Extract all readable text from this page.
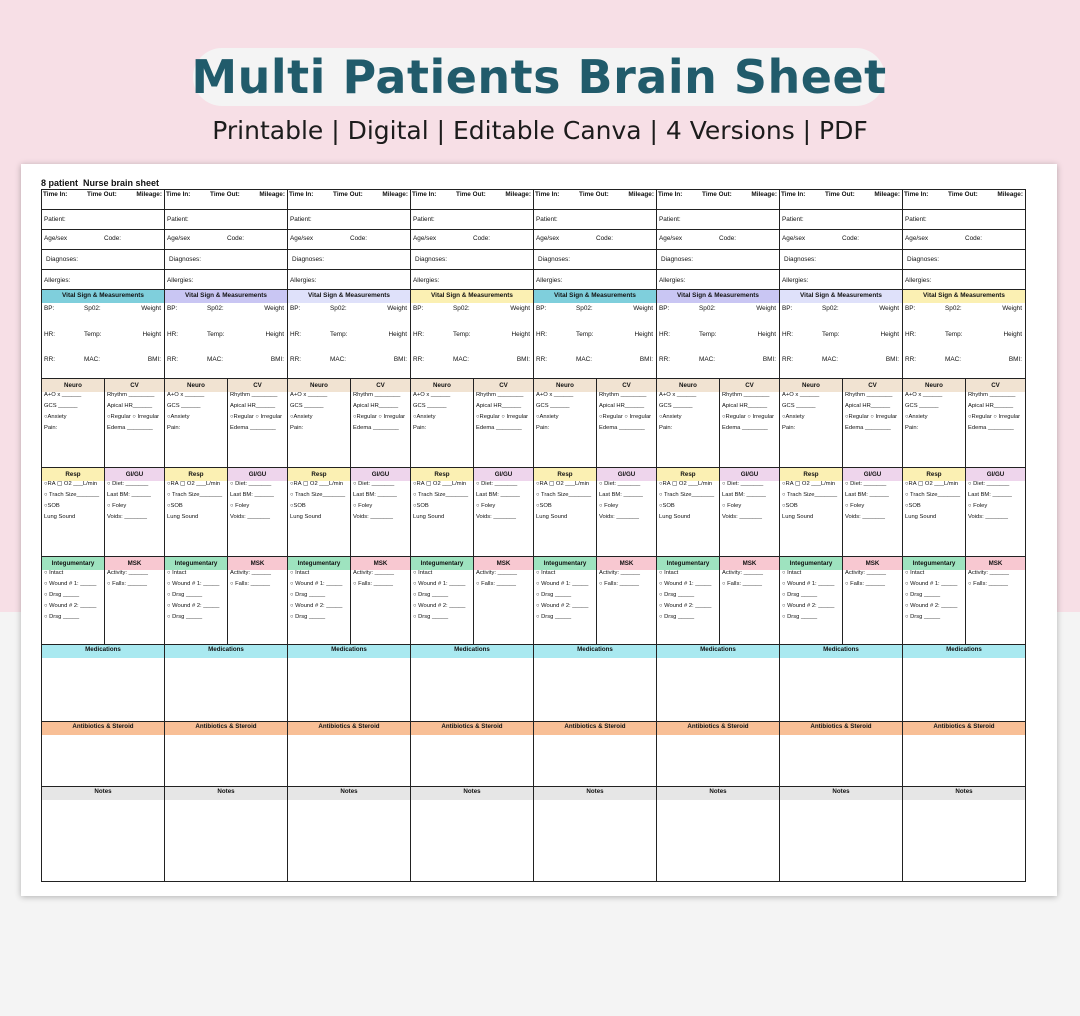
Multi Patients Brain Sheet
Printable | Digital | Editable Canva | 4 Versions | PDF
8 patient  Nurse brain sheet
Time In:	Time Out:	Mileage:
Patient:
Age/sex	Code:
Diagnoses:
Allergies:
Vital Sign & Measurements
BP:	Sp02:	Weight
HR:	Temp:	Height
RR:	MAC:	BMI:
Neuro
A+O x ______
GCS ______
○Anxiety
Pain:
CV
Rhythm ________
Apical HR______
○Regular ○ Irregular
Edema ________
Resp
○RA ▢ O2 ___L/min
○ Trach Size_______
○SOB
Lung Sound
GI/GU
○ Diet: _______
Last BM: ______
○ Foley
Voids: _______
Integumentary
○ Intact
○ Wound # 1: _____
○ Drsg _____
○ Wound # 2: _____
○ Drsg _____
MSK
Activity: ______
○ Falls: ______
Medications
Antibiotics & Steroid
Notes
Time In:	Time Out:	Mileage:
Patient:
Age/sex	Code:
Diagnoses:
Allergies:
Vital Sign & Measurements
BP:	Sp02:	Weight
HR:	Temp:	Height
RR:	MAC:	BMI:
Neuro
A+O x ______
GCS ______
○Anxiety
Pain:
CV
Rhythm ________
Apical HR______
○Regular ○ Irregular
Edema ________
Resp
○RA ▢ O2 ___L/min
○ Trach Size_______
○SOB
Lung Sound
GI/GU
○ Diet: _______
Last BM: ______
○ Foley
Voids: _______
Integumentary
○ Intact
○ Wound # 1: _____
○ Drsg _____
○ Wound # 2: _____
○ Drsg _____
MSK
Activity: ______
○ Falls: ______
Medications
Antibiotics & Steroid
Notes
Time In:	Time Out:	Mileage:
Patient:
Age/sex	Code:
Diagnoses:
Allergies:
Vital Sign & Measurements
BP:	Sp02:	Weight
HR:	Temp:	Height
RR:	MAC:	BMI:
Neuro
A+O x ______
GCS ______
○Anxiety
Pain:
CV
Rhythm ________
Apical HR______
○Regular ○ Irregular
Edema ________
Resp
○RA ▢ O2 ___L/min
○ Trach Size_______
○SOB
Lung Sound
GI/GU
○ Diet: _______
Last BM: ______
○ Foley
Voids: _______
Integumentary
○ Intact
○ Wound # 1: _____
○ Drsg _____
○ Wound # 2: _____
○ Drsg _____
MSK
Activity: ______
○ Falls: ______
Medications
Antibiotics & Steroid
Notes
Time In:	Time Out:	Mileage:
Patient:
Age/sex	Code:
Diagnoses:
Allergies:
Vital Sign & Measurements
BP:	Sp02:	Weight
HR:	Temp:	Height
RR:	MAC:	BMI:
Neuro
A+O x ______
GCS ______
○Anxiety
Pain:
CV
Rhythm ________
Apical HR______
○Regular ○ Irregular
Edema ________
Resp
○RA ▢ O2 ___L/min
○ Trach Size_______
○SOB
Lung Sound
GI/GU
○ Diet: _______
Last BM: ______
○ Foley
Voids: _______
Integumentary
○ Intact
○ Wound # 1: _____
○ Drsg _____
○ Wound # 2: _____
○ Drsg _____
MSK
Activity: ______
○ Falls: ______
Medications
Antibiotics & Steroid
Notes
Time In:	Time Out:	Mileage:
Patient:
Age/sex	Code:
Diagnoses:
Allergies:
Vital Sign & Measurements
BP:	Sp02:	Weight
HR:	Temp:	Height
RR:	MAC:	BMI:
Neuro
A+O x ______
GCS ______
○Anxiety
Pain:
CV
Rhythm ________
Apical HR______
○Regular ○ Irregular
Edema ________
Resp
○RA ▢ O2 ___L/min
○ Trach Size_______
○SOB
Lung Sound
GI/GU
○ Diet: _______
Last BM: ______
○ Foley
Voids: _______
Integumentary
○ Intact
○ Wound # 1: _____
○ Drsg _____
○ Wound # 2: _____
○ Drsg _____
MSK
Activity: ______
○ Falls: ______
Medications
Antibiotics & Steroid
Notes
Time In:	Time Out:	Mileage:
Patient:
Age/sex	Code:
Diagnoses:
Allergies:
Vital Sign & Measurements
BP:	Sp02:	Weight
HR:	Temp:	Height
RR:	MAC:	BMI:
Neuro
A+O x ______
GCS ______
○Anxiety
Pain:
CV
Rhythm ________
Apical HR______
○Regular ○ Irregular
Edema ________
Resp
○RA ▢ O2 ___L/min
○ Trach Size_______
○SOB
Lung Sound
GI/GU
○ Diet: _______
Last BM: ______
○ Foley
Voids: _______
Integumentary
○ Intact
○ Wound # 1: _____
○ Drsg _____
○ Wound # 2: _____
○ Drsg _____
MSK
Activity: ______
○ Falls: ______
Medications
Antibiotics & Steroid
Notes
Time In:	Time Out:	Mileage:
Patient:
Age/sex	Code:
Diagnoses:
Allergies:
Vital Sign & Measurements
BP:	Sp02:	Weight
HR:	Temp:	Height
RR:	MAC:	BMI:
Neuro
A+O x ______
GCS ______
○Anxiety
Pain:
CV
Rhythm ________
Apical HR______
○Regular ○ Irregular
Edema ________
Resp
○RA ▢ O2 ___L/min
○ Trach Size_______
○SOB
Lung Sound
GI/GU
○ Diet: _______
Last BM: ______
○ Foley
Voids: _______
Integumentary
○ Intact
○ Wound # 1: _____
○ Drsg _____
○ Wound # 2: _____
○ Drsg _____
MSK
Activity: ______
○ Falls: ______
Medications
Antibiotics & Steroid
Notes
Time In:	Time Out:	Mileage:
Patient:
Age/sex	Code:
Diagnoses:
Allergies:
Vital Sign & Measurements
BP:	Sp02:	Weight
HR:	Temp:	Height
RR:	MAC:	BMI:
Neuro
A+O x ______
GCS ______
○Anxiety
Pain:
CV
Rhythm ________
Apical HR______
○Regular ○ Irregular
Edema ________
Resp
○RA ▢ O2 ___L/min
○ Trach Size_______
○SOB
Lung Sound
GI/GU
○ Diet: _______
Last BM: ______
○ Foley
Voids: _______
Integumentary
○ Intact
○ Wound # 1: _____
○ Drsg _____
○ Wound # 2: _____
○ Drsg _____
MSK
Activity: ______
○ Falls: ______
Medications
Antibiotics & Steroid
Notes
